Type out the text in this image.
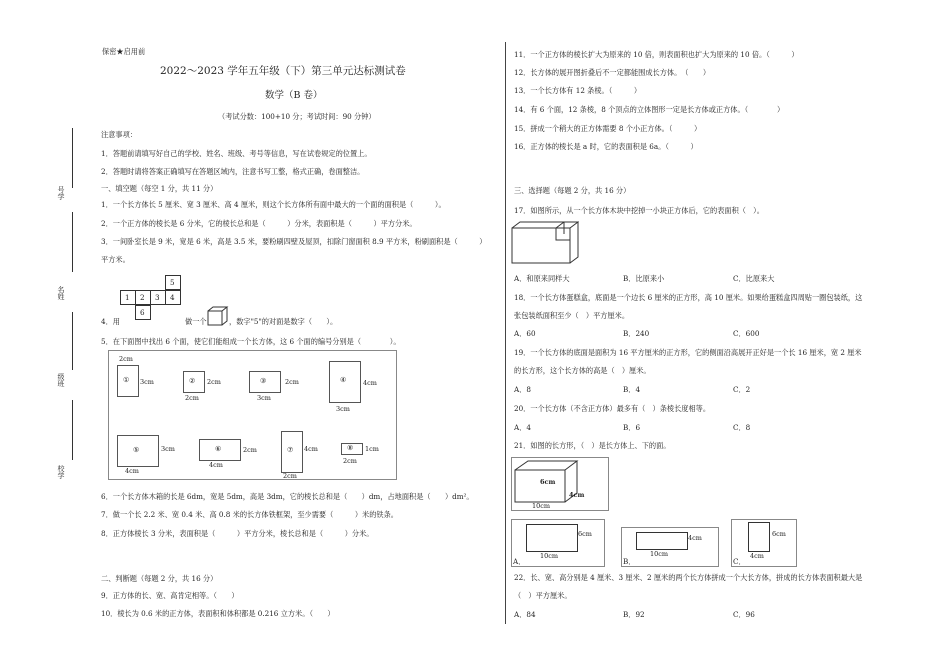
号学
名姓
级班
校学
保密★启用前
2022～2023 学年五年级（下）第三单元达标测试卷
数学（B 卷）
（考试分数：100+10 分；考试时间：90 分钟）
注意事项：
1．答题前请填写好自己的学校、姓名、班级、考号等信息，写在试卷规定的位置上。
2．答题时请将答案正确填写在答题区域内，注意书写工整，格式正确，卷面整洁。
一、填空题（每空 1 分，共 11 分）
1．一个长方体长 5 厘米、宽 3 厘米、高 4 厘米，则这个长方体所有面中最大的一个面的面积是（　　　）。
2．一个正方体的棱长是 6 分米，它的棱长总和是（　　　）分米，表面积是（　　　）平方分米。
3．一间卧室长是 9 米，宽是 6 米，高是 3.5 米，要粉刷四壁及屋顶，扣除门窗面积 8.9 平方米，粉刷面积是（　　　）
平方米。
5
1 2 3 4
6
4．用	做一个	，数字"5"的对面是数字（　　）。
5．在下面图中找出 6 个面，使它们能组成一个长方体，这 6 个面的编号分别是（　　　　）。
2cm
① 3cm	② 2cm
2cm
③	2cm
3cm
④	4cm
3cm
⑤	3cm
4cm
⑥	2cm
4cm
⑦ 4cm
2cm
⑧ 1cm
2cm
6．一个长方体木箱的长是 6dm，宽是 5dm，高是 3dm，它的棱长总和是（　　）dm，占地面积是（　　）dm²。
7．做一个长 2.2 米、宽 0.4 米、高 0.8 米的长方体铁框架，至少需要（　　　）米的铁条。
8．正方体棱长 3 分米，表面积是（　　　）平方分米，棱长总和是（　　　）分米。
二、判断题（每题 2 分，共 16 分）
9．正方体的长、宽、高肯定相等。（　　）
10．棱长为 0.6 米的正方体，表面积和体积都是 0.216 立方米。（　　）
11．一个正方体的棱长扩大为原来的 10 倍，则表面积也扩大为原来的 10 倍。（　　　）
12．长方体的展开图折叠后不一定都能围成长方体。　（　　）
13．一个长方体有 12 条棱。（　　　）
14．有 6 个面，12 条棱，8 个顶点的立体图形一定是长方体或正方体。（　　　　）
15．拼成一个稍大的正方体需要 8 个小正方体。（　　　）
16．正方体的棱长是 a 时，它的表面积是 6a。（　　　）
三、选择题（每题 2 分，共 16 分）
17．如图所示，从一个长方体木块中挖掉一小块正方体后，它的表面积（　）。
A．和原来同样大	B．比原来小	C．比原来大
18．一个长方体蛋糕盒，底面是一个边长 6 厘米的正方形，高 10 厘米。如果给蛋糕盒四周贴一圈包装纸，这
张包装纸面积至少（　）平方厘米。
A．60	B．240	C．600
19．一个长方体的底面是面积为 16 平方厘米的正方形，它的侧面沿高展开正好是一个长 16 厘米，宽 2 厘米
的长方形，这个长方体的高是（　）厘米。
A．8	B．4	C．2
20．一个长方体（不含正方体）最多有（　）条棱长度相等。
A．4	B．6	C．8
21．如图的长方形，（　）是长方体上、下的面。
6cm
4cm
10cm
A．
6cm
10cm
B．
4cm
10cm
C．
6cm
4cm
22．长、宽、高分别是 4 厘米、3 厘米、2 厘米的两个长方体拼成一个大长方体，拼成的长方体表面积最大是
（　）平方厘米。
A．84	B．92	C．96
